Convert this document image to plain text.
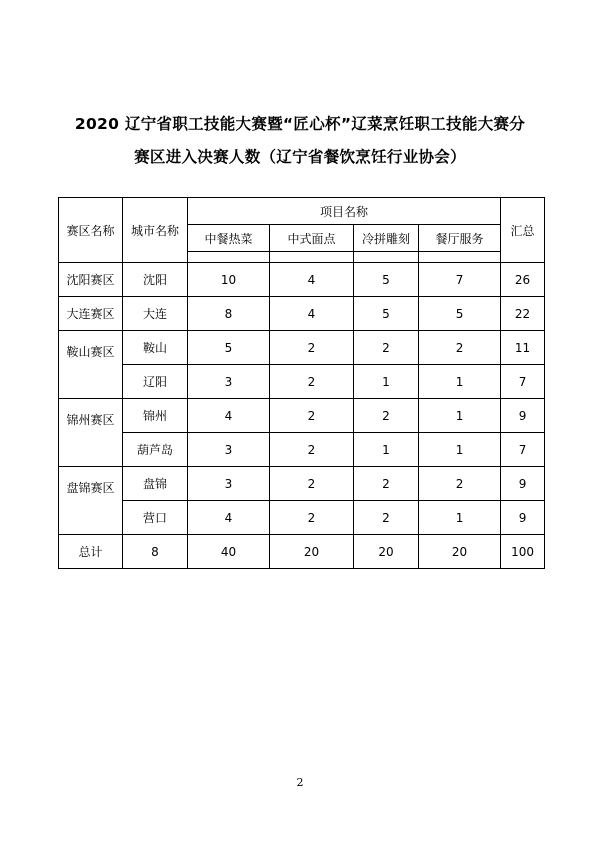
2020 辽宁省职工技能大赛暨“匠心杯”辽菜烹饪职工技能大赛分
赛区进入决赛人数（辽宁省餐饮烹饪行业协会）
赛区名称	城市名称	项目名称				汇总
		中餐热菜	中式面点	冷拼雕刻	餐厅服务	

沈阳赛区	沈阳	10	4	5	7	26
大连赛区	大连	8	4	5	5	22
鞍山赛区	鞍山	5	2	2	2	11
	辽阳	3	2	1	1	7
锦州赛区	锦州	4	2	2	1	9
	葫芦岛	3	2	1	1	7
盘锦赛区	盘锦	3	2	2	2	9
	营口	4	2	2	1	9
总计	8	40	20	20	20	100
2
